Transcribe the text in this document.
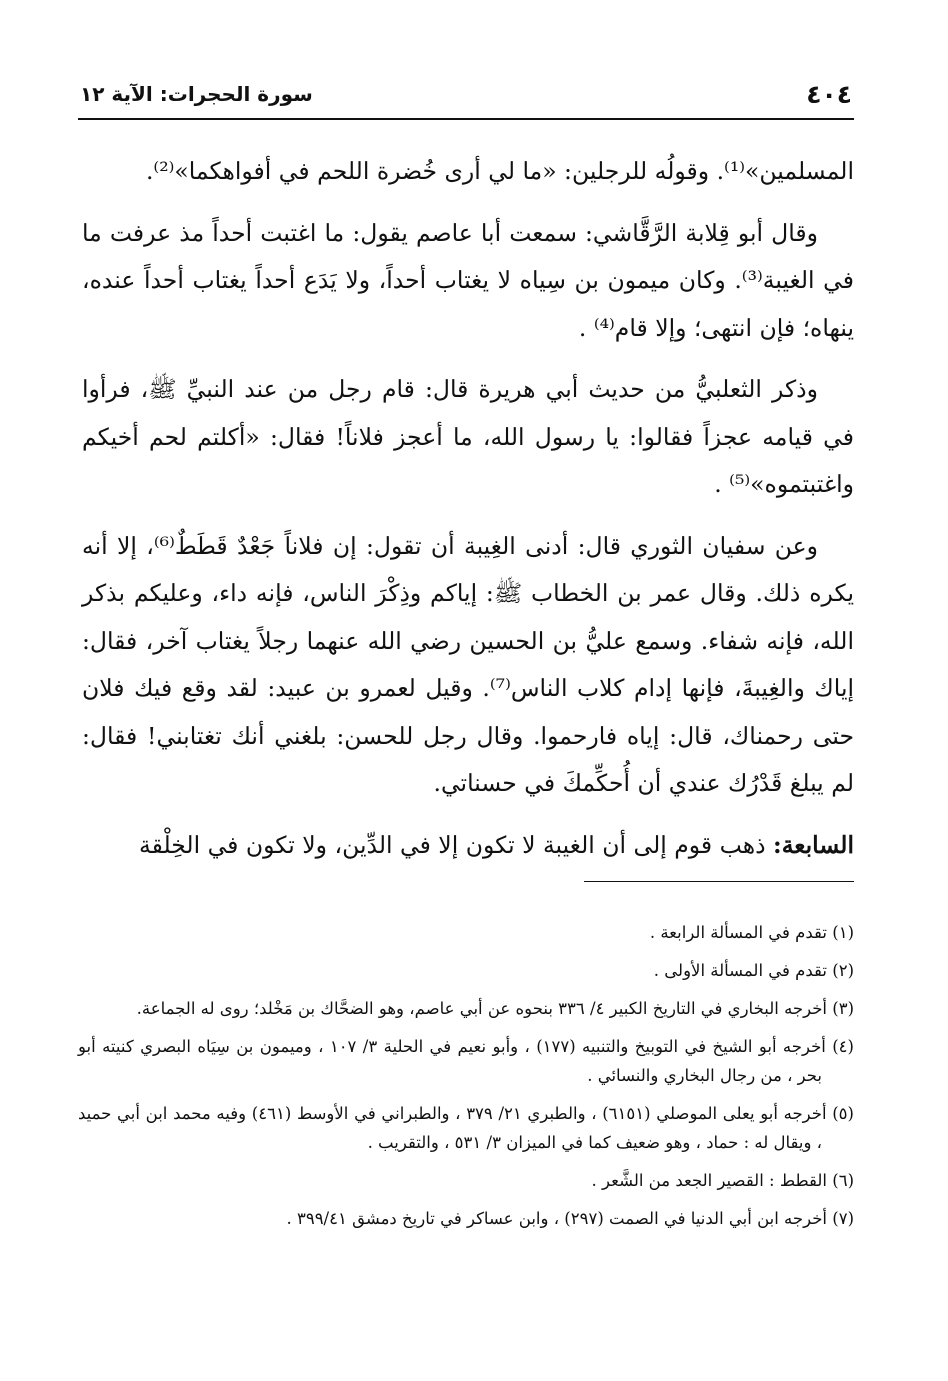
٤٠٤
سورة الحجرات: الآية ١٢

المسلمين»⁽¹⁾. وقولُه للرجلين: «ما لي أرى خُضرة اللحم في أفواهكما»⁽²⁾.

وقال أبو قِلابة الرَّقَّاشي: سمعت أبا عاصم يقول: ما اغتبت أحداً مذ عرفت ما في الغيبة⁽³⁾. وكان ميمون بن سِياه لا يغتاب أحداً، ولا يَدَع أحداً يغتاب أحداً عنده، ينهاه؛ فإن انتهى؛ وإلا قام⁽⁴⁾ .

وذكر الثعلبيُّ من حديث أبي هريرة قال: قام رجل من عند النبيِّ ﷺ، فرأوا في قيامه عجزاً فقالوا: يا رسول الله، ما أعجز فلاناً! فقال: «أكلتم لحم أخيكم واغتبتموه»⁽⁵⁾ .

وعن سفيان الثوري قال: أدنى الغِيبة أن تقول: إن فلاناً جَعْدٌ قَطَطٌ⁽⁶⁾، إلا أنه يكره ذلك. وقال عمر بن الخطاب ﷺ: إياكم وذِكْرَ الناس، فإنه داء، وعليكم بذكر الله، فإنه شفاء. وسمع عليُّ بن الحسين رضي الله عنهما رجلاً يغتاب آخر، فقال: إياك والغِيبةَ، فإنها إدام كلاب الناس⁽⁷⁾. وقيل لعمرو بن عبيد: لقد وقع فيك فلان حتى رحمناك، قال: إياه فارحموا. وقال رجل للحسن: بلغني أنك تغتابني! فقال: لم يبلغ قَدْرُك عندي أن أُحكِّمكَ في حسناتي.

السابعة: ذهب قوم إلى أن الغيبة لا تكون إلا في الدِّين، ولا تكون في الخِلْقة

(١) تقدم في المسألة الرابعة .
(٢) تقدم في المسألة الأولى .
(٣) أخرجه البخاري في التاريخ الكبير ٤/ ٣٣٦ بنحوه عن أبي عاصم، وهو الضحَّاك بن مَخْلد؛ روى له الجماعة.
(٤) أخرجه أبو الشيخ في التوبيخ والتنبيه (١٧٧) ، وأبو نعيم في الحلية ٣/ ١٠٧ ، وميمون بن سِيَاه البصري كنيته أبو بحر ، من رجال البخاري والنسائي .
(٥) أخرجه أبو يعلى الموصلي (٦١٥١) ، والطبري ٢١/ ٣٧٩ ، والطبراني في الأوسط (٤٦١) وفيه محمد ابن أبي حميد ، ويقال له : حماد ، وهو ضعيف كما في الميزان ٣/ ٥٣١ ، والتقريب .
(٦) القطط : القصير الجعد من الشَّعر .
(٧) أخرجه ابن أبي الدنيا في الصمت (٢٩٧) ، وابن عساكر في تاريخ دمشق ٣٩٩/٤١ .
